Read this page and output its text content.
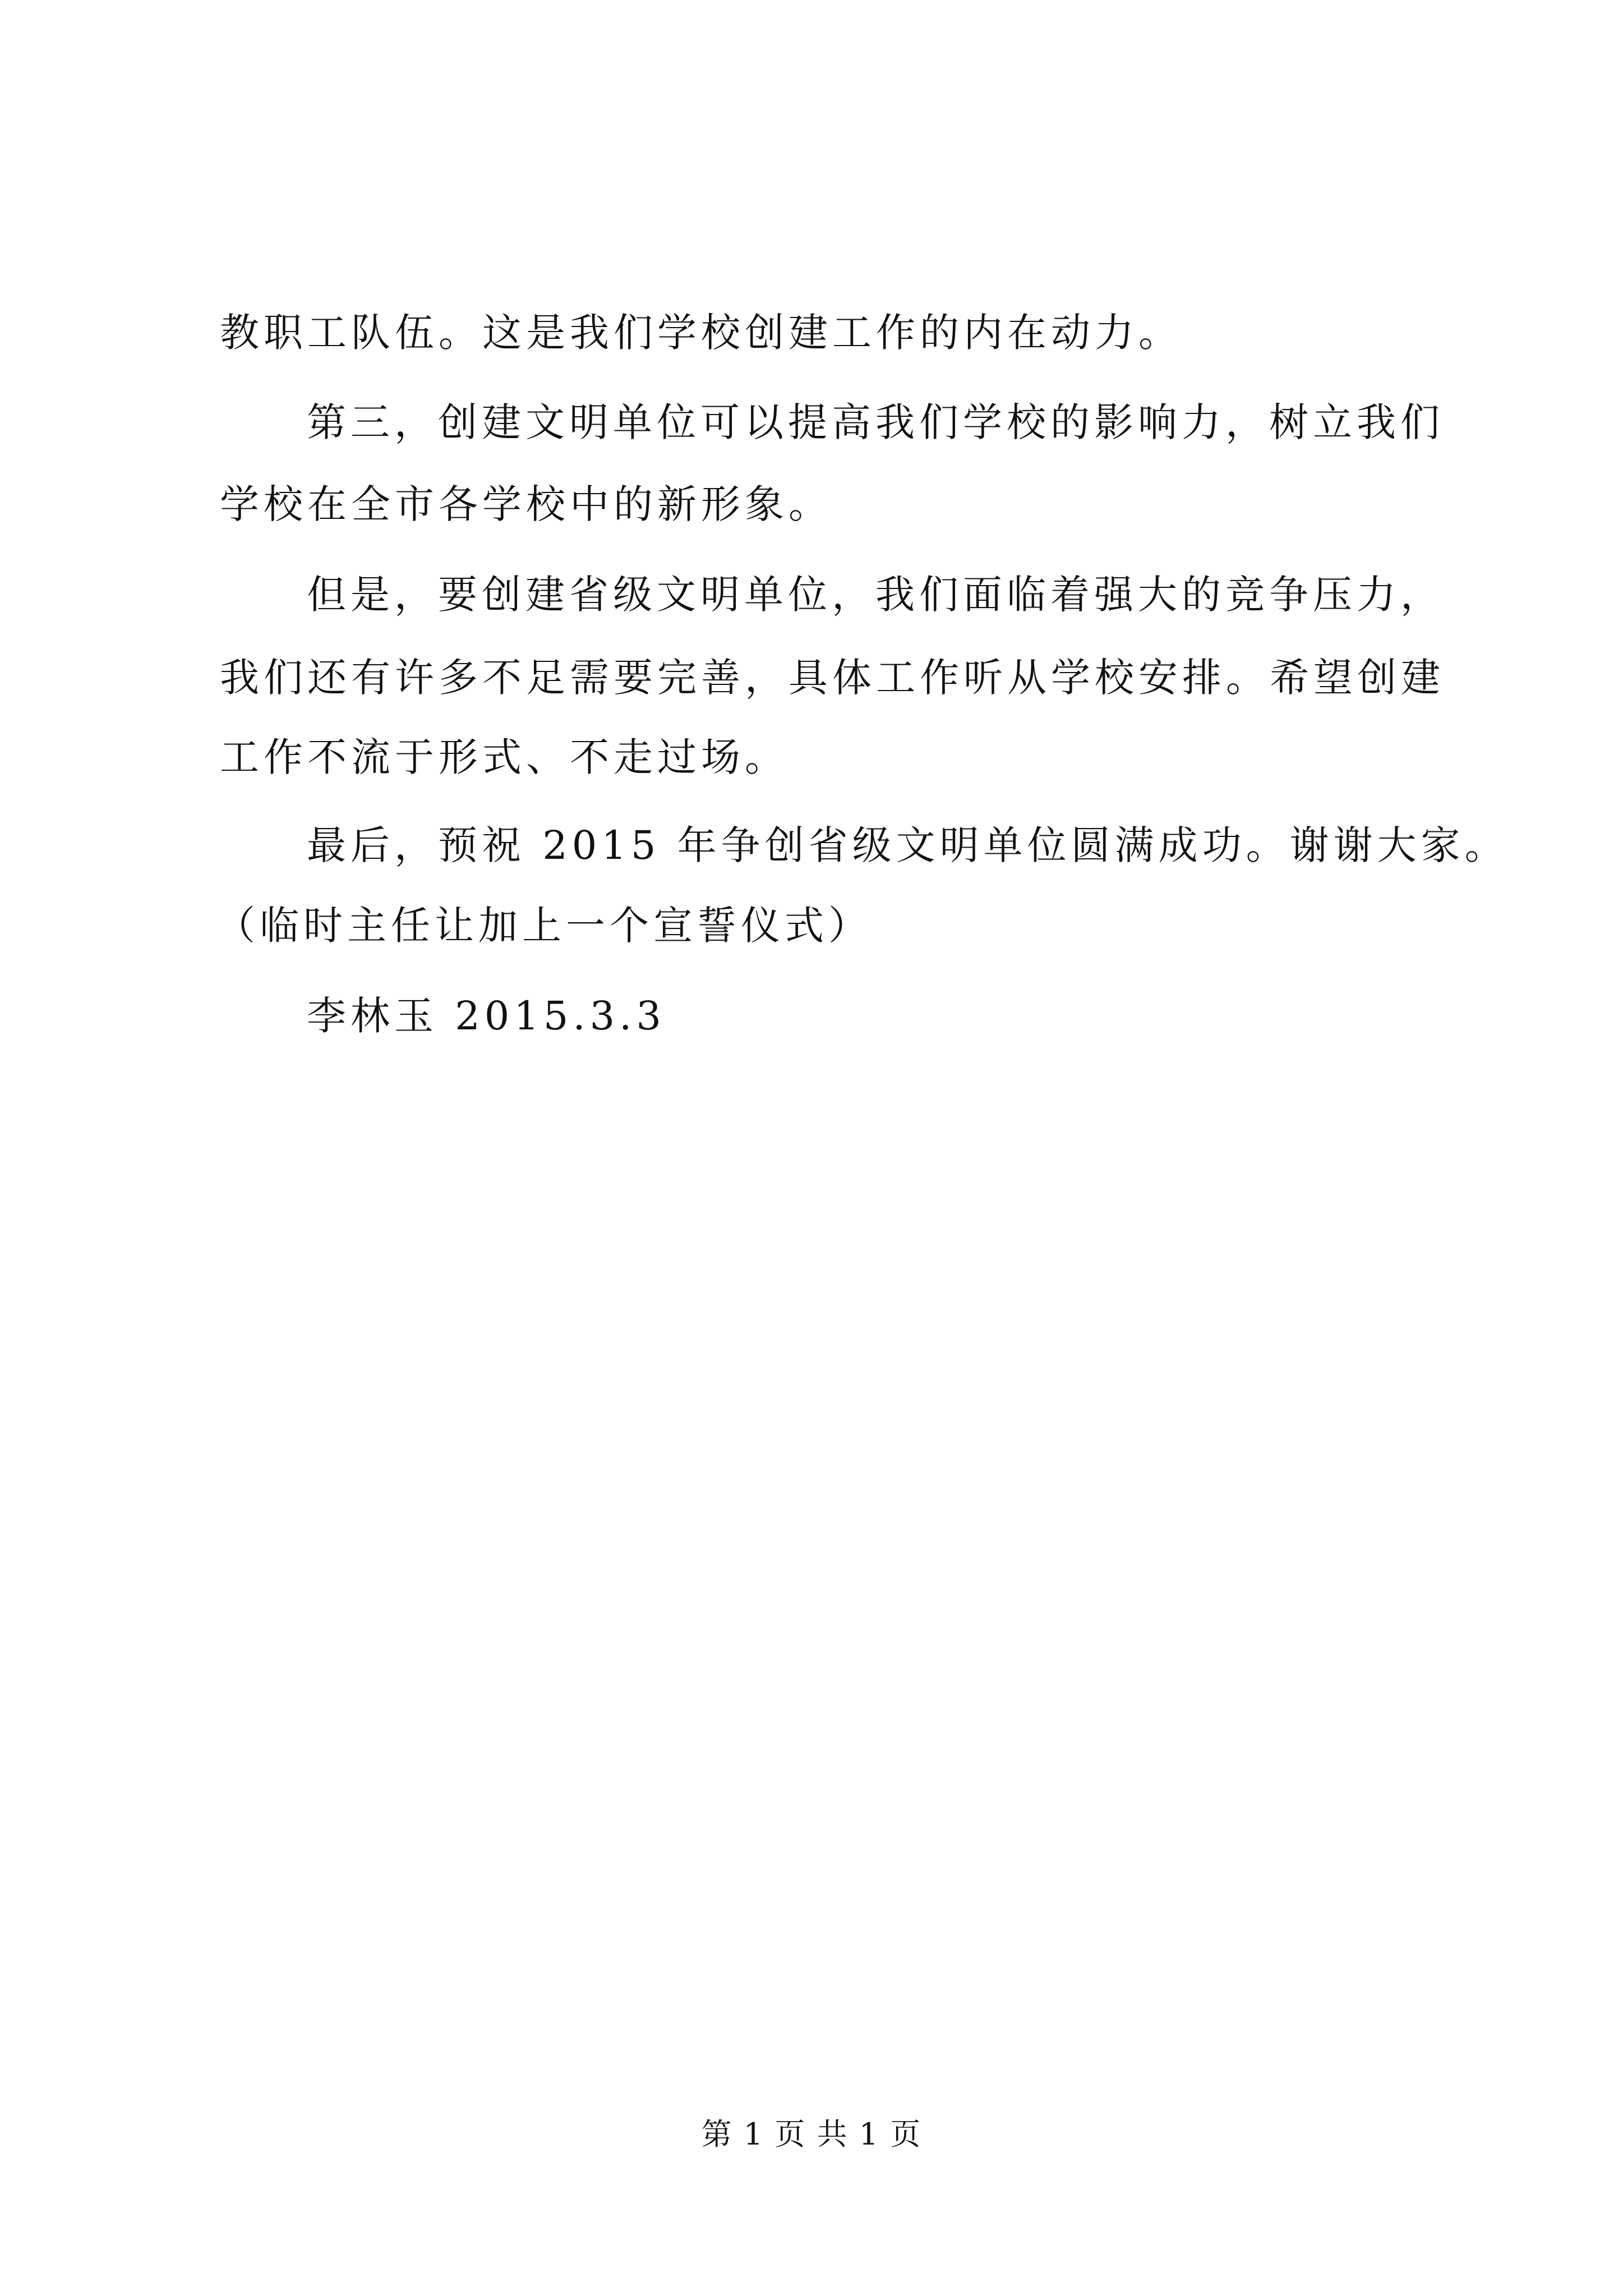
教职工队伍。这是我们学校创建工作的内在动力。
第三，创建文明单位可以提高我们学校的影响力，树立我们
学校在全市各学校中的新形象。
但是，要创建省级文明单位，我们面临着强大的竞争压力，
我们还有许多不足需要完善，具体工作听从学校安排。希望创建
工作不流于形式、不走过场。
最后，预祝 2015 年争创省级文明单位圆满成功。谢谢大家。
（临时主任让加上一个宣誓仪式）
李林玉 2015.3.3
第 1 页 共 1 页
